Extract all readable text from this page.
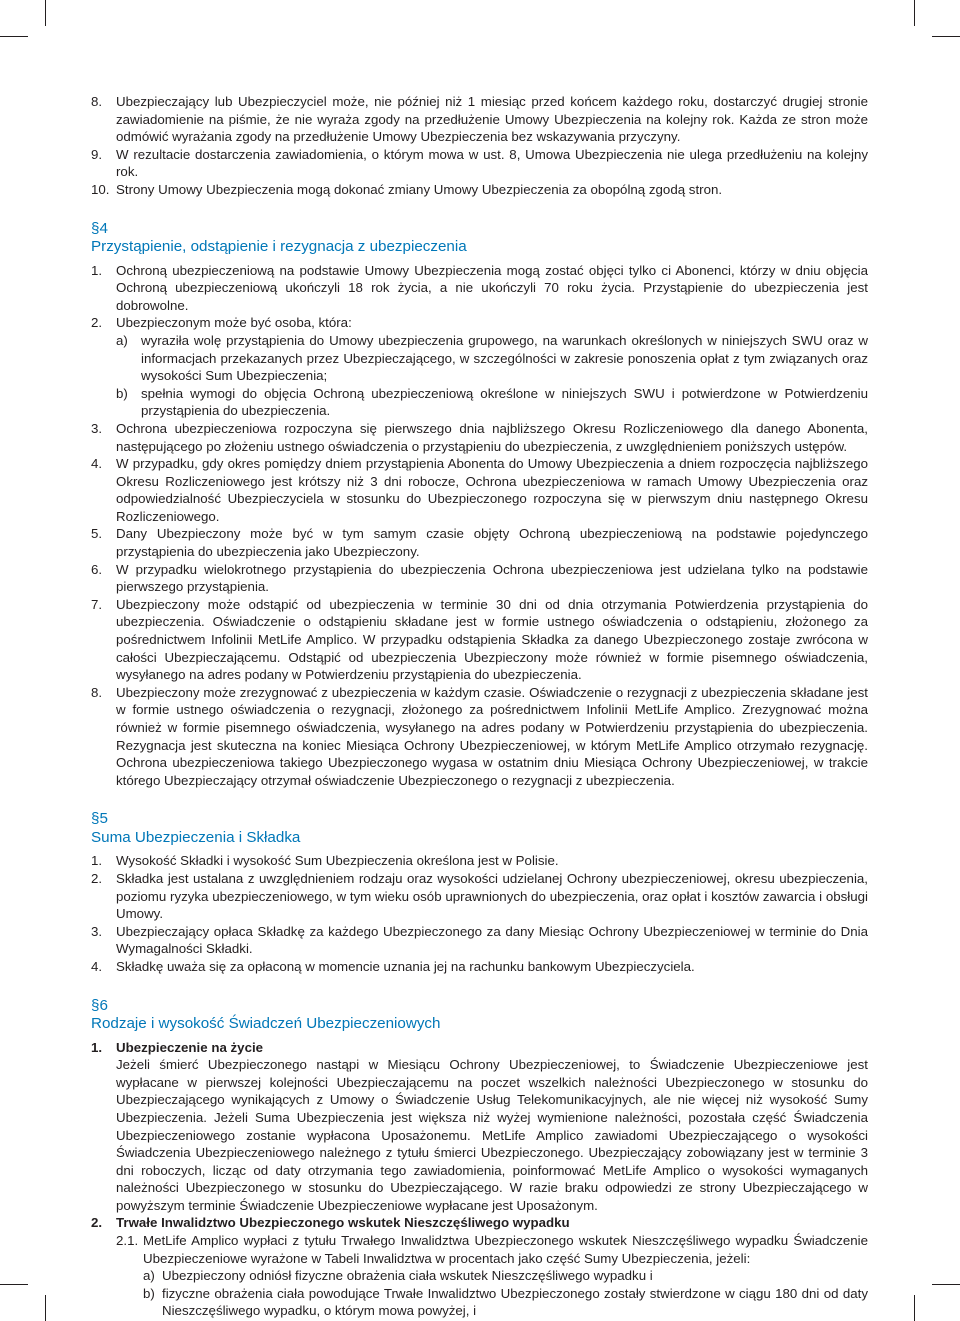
8.	Ubezpieczający lub Ubezpieczyciel może, nie później niż 1 miesiąc przed końcem każdego roku, dostarczyć drugiej stronie zawiadomienie na piśmie, że nie wyraża zgody na przedłużenie Umowy Ubezpieczenia na kolejny rok. Każda ze stron może odmówić wyrażania zgody na przedłużenie Umowy Ubezpieczenia bez wskazywania przyczyny.
9.	W rezultacie dostarczenia zawiadomienia, o którym mowa w ust. 8, Umowa Ubezpieczenia nie ulega przedłużeniu na kolejny rok.
10. Strony Umowy Ubezpieczenia mogą dokonać zmiany Umowy Ubezpieczenia za obopólną zgodą stron.
§4
Przystąpienie, odstąpienie i rezygnacja z ubezpieczenia
1.	Ochroną ubezpieczeniową na podstawie Umowy Ubezpieczenia mogą zostać objęci tylko ci Abonenci, którzy w dniu objęcia Ochroną ubezpieczeniową ukończyli 18 rok życia, a nie ukończyli 70 roku życia. Przystąpienie do ubezpieczenia jest dobrowolne.
2.	Ubezpieczonym może być osoba, która:
a) wyraziła wolę przystąpienia do Umowy ubezpieczenia grupowego, na warunkach określonych w niniejszych SWU oraz w informacjach przekazanych przez Ubezpieczającego, w szczególności w zakresie ponoszenia opłat z tym związanych oraz wysokości Sum Ubezpieczenia;
b) spełnia wymogi do objęcia Ochroną ubezpieczeniową określone w niniejszych SWU i potwierdzone w Potwierdzeniu przystąpienia do ubezpieczenia.
3.	Ochrona ubezpieczeniowa rozpoczyna się pierwszego dnia najbliższego Okresu Rozliczeniowego dla danego Abonenta, następującego po złożeniu ustnego oświadczenia o przystąpieniu do ubezpieczenia, z uwzględnieniem poniższych ustępów.
4.	W przypadku, gdy okres pomiędzy dniem przystąpienia Abonenta do Umowy Ubezpieczenia a dniem rozpoczęcia najbliższego Okresu Rozliczeniowego jest krótszy niż 3 dni robocze, Ochrona ubezpieczeniowa w ramach Umowy Ubezpieczenia oraz odpowiedzialność Ubezpieczyciela w stosunku do Ubezpieczonego rozpoczyna się w pierwszym dniu następnego Okresu Rozliczeniowego.
5.	Dany Ubezpieczony może być w tym samym czasie objęty Ochroną ubezpieczeniową na podstawie pojedynczego przystąpienia do ubezpieczenia jako Ubezpieczony.
6.	W przypadku wielokrotnego przystąpienia do ubezpieczenia Ochrona ubezpieczeniowa jest udzielana tylko na podstawie pierwszego przystąpienia.
7.	Ubezpieczony może odstąpić od ubezpieczenia w terminie 30 dni od dnia otrzymania Potwierdzenia przystąpienia do ubezpieczenia. Oświadczenie o odstąpieniu składane jest w formie ustnego oświadczenia o odstąpieniu, złożonego za pośrednictwem Infolinii MetLife Amplico. W przypadku odstąpienia Składka za danego Ubezpieczonego zostaje zwrócona w całości Ubezpieczającemu. Odstąpić od ubezpieczenia Ubezpieczony może również w formie pisemnego oświadczenia, wysyłanego na adres podany w Potwierdzeniu przystąpienia do ubezpieczenia.
8.	Ubezpieczony może zrezygnować z ubezpieczenia w każdym czasie. Oświadczenie o rezygnacji z ubezpieczenia składane jest w formie ustnego oświadczenia o rezygnacji, złożonego za pośrednictwem Infolinii MetLife Amplico. Zrezygnować można również w formie pisemnego oświadczenia, wysyłanego na adres podany w Potwierdzeniu przystąpienia do ubezpieczenia. Rezygnacja jest skuteczna na koniec Miesiąca Ochrony Ubezpieczeniowej, w którym MetLife Amplico otrzymało rezygnację. Ochrona ubezpieczeniowa takiego Ubezpieczonego wygasa w ostatnim dniu Miesiąca Ochrony Ubezpieczeniowej, w trakcie którego Ubezpieczający otrzymał oświadczenie Ubezpieczonego o rezygnacji z ubezpieczenia.
§5
Suma Ubezpieczenia i Składka
1.	Wysokość Składki i wysokość Sum Ubezpieczenia określona jest w Polisie.
2.	Składka jest ustalana z uwzględnieniem rodzaju oraz wysokości udzielanej Ochrony ubezpieczeniowej, okresu ubezpieczenia, poziomu ryzyka ubezpieczeniowego, w tym wieku osób uprawnionych do ubezpieczenia, oraz opłat i kosztów zawarcia i obsługi Umowy.
3.	Ubezpieczający opłaca Składkę za każdego Ubezpieczonego za dany Miesiąc Ochrony Ubezpieczeniowej w terminie do Dnia Wymagalności Składki.
4.	Składkę uważa się za opłaconą w momencie uznania jej na rachunku bankowym Ubezpieczyciela.
§6
Rodzaje i wysokość Świadczeń Ubezpieczeniowych
1.	Ubezpieczenie na życie
Jeżeli śmierć Ubezpieczonego nastąpi w Miesiącu Ochrony Ubezpieczeniowej, to Świadczenie Ubezpieczeniowe jest wypłacane w pierwszej kolejności Ubezpieczającemu na poczet wszelkich należności Ubezpieczonego w stosunku do Ubezpieczającego wynikających z Umowy o Świadczenie Usług Telekomunikacyjnych, ale nie więcej niż wysokość Sumy Ubezpieczenia. Jeżeli Suma Ubezpieczenia jest większa niż wyżej wymienione należności, pozostała część Świadczenia Ubezpieczeniowego zostanie wypłacona Uposażonemu. MetLife Amplico zawiadomi Ubezpieczającego o wysokości Świadczenia Ubezpieczeniowego należnego z tytułu śmierci Ubezpieczonego. Ubezpieczający zobowiązany jest w terminie 3 dni roboczych, licząc od daty otrzymania tego zawiadomienia, poinformować MetLife Amplico o wysokości wymaganych należności Ubezpieczonego w stosunku do Ubezpieczającego. W razie braku odpowiedzi ze strony Ubezpieczającego w powyższym terminie Świadczenie Ubezpieczeniowe wypłacane jest Uposażonym.
2.	Trwałe Inwalidztwo Ubezpieczonego wskutek Nieszczęśliwego wypadku
2.1. MetLife Amplico wypłaci z tytułu Trwałego Inwalidztwa Ubezpieczonego wskutek Nieszczęśliwego wypadku Świadczenie Ubezpieczeniowe wyrażone w Tabeli Inwalidztwa w procentach jako część Sumy Ubezpieczenia, jeżeli:
a) Ubezpieczony odniósł fizyczne obrażenia ciała wskutek Nieszczęśliwego wypadku i
b) fizyczne obrażenia ciała powodujące Trwałe Inwalidztwo Ubezpieczonego zostały stwierdzone w ciągu 180 dni od daty Nieszczęśliwego wypadku, o którym mowa powyżej, i
